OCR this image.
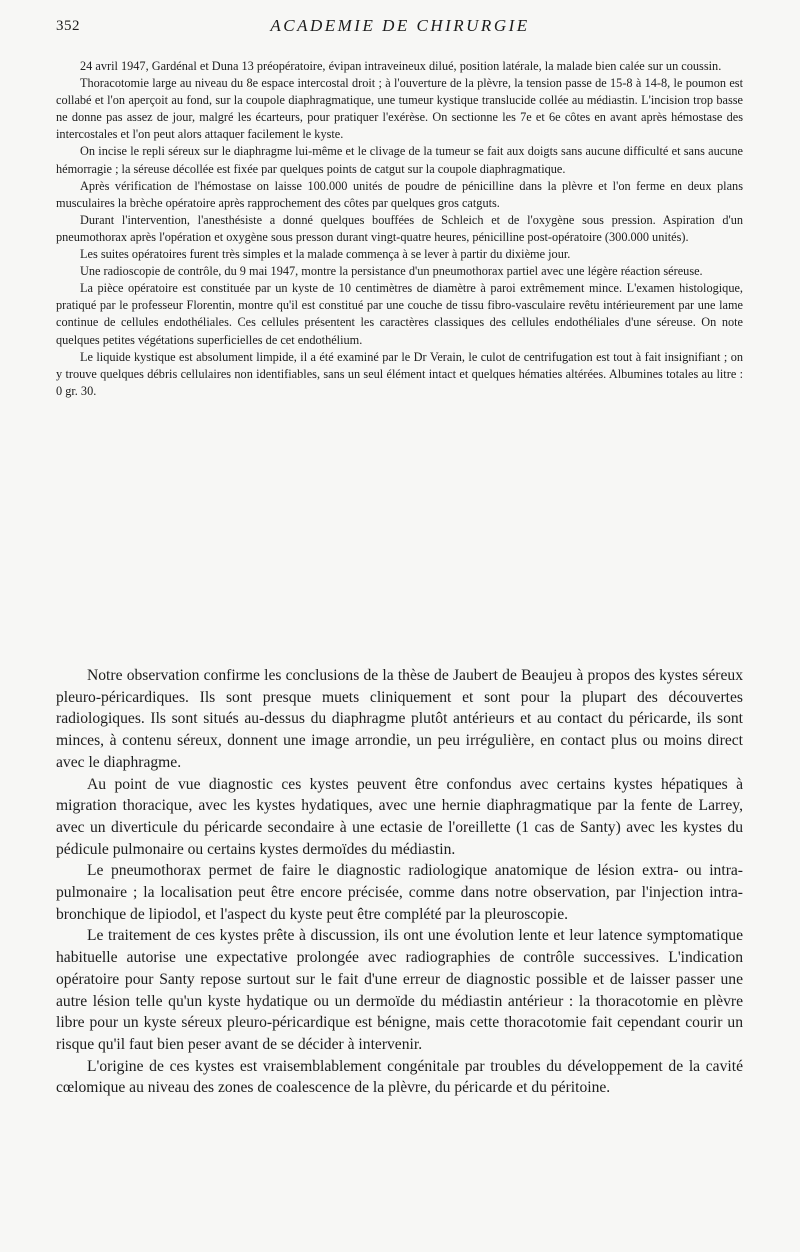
352	ACADEMIE DE CHIRURGIE

24 avril 1947, Gardénal et Duna 13 préopératoire, évipan intraveineux dilué, position latérale, la malade bien calée sur un coussin.

Thoracotomie large au niveau du 8e espace intercostal droit ; à l'ouverture de la plèvre, la tension passe de 15-8 à 14-8, le poumon est collabé et l'on aperçoit au fond, sur la coupole diaphragmatique, une tumeur kystique translucide collée au médiastin. L'incision trop basse ne donne pas assez de jour, malgré les écarteurs, pour pratiquer l'exérèse. On sectionne les 7e et 6e côtes en avant après hémostase des intercostales et l'on peut alors attaquer facilement le kyste.

On incise le repli séreux sur le diaphragme lui-même et le clivage de la tumeur se fait aux doigts sans aucune difficulté et sans aucune hémorragie ; la séreuse décollée est fixée par quelques points de catgut sur la coupole diaphragmatique.

Après vérification de l'hémostase on laisse 100.000 unités de poudre de pénicilline dans la plèvre et l'on ferme en deux plans musculaires la brèche opératoire après rapprochement des côtes par quelques gros catguts.

Durant l'intervention, l'anesthésiste a donné quelques bouffées de Schleich et de l'oxygène sous pression. Aspiration d'un pneumothorax après l'opération et oxygène sous presson durant vingt-quatre heures, pénicilline post-opératoire (300.000 unités).

Les suites opératoires furent très simples et la malade commença à se lever à partir du dixième jour.

Une radioscopie de contrôle, du 9 mai 1947, montre la persistance d'un pneumothorax partiel avec une légère réaction séreuse.

La pièce opératoire est constituée par un kyste de 10 centimètres de diamètre à paroi extrêmement mince. L'examen histologique, pratiqué par le professeur Florentin, montre qu'il est constitué par une couche de tissu fibro-vasculaire revêtu intérieurement par une lame continue de cellules endothéliales. Ces cellules présentent les caractères classiques des cellules endothéliales d'une séreuse. On note quelques petites végétations superficielles de cet endothélium.

Le liquide kystique est absolument limpide, il a été examiné par le Dr Verain, le culot de centrifugation est tout à fait insignifiant ; on y trouve quelques débris cellulaires non identifiables, sans un seul élément intact et quelques hématies altérées. Albumines totales au litre : 0 gr. 30.

Notre observation confirme les conclusions de la thèse de Jaubert de Beaujeu à propos des kystes séreux pleuro-péricardiques. Ils sont presque muets cliniquement et sont pour la plupart des découvertes radiologiques. Ils sont situés au-dessus du diaphragme plutôt antérieurs et au contact du péricarde, ils sont minces, à contenu séreux, donnent une image arrondie, un peu irrégulière, en contact plus ou moins direct avec le diaphragme.

Au point de vue diagnostic ces kystes peuvent être confondus avec certains kystes hépatiques à migration thoracique, avec les kystes hydatiques, avec une hernie diaphragmatique par la fente de Larrey, avec un diverticule du péricarde secondaire à une ectasie de l'oreillette (1 cas de Santy) avec les kystes du pédicule pulmonaire ou certains kystes dermoïdes du médiastin.

Le pneumothorax permet de faire le diagnostic radiologique anatomique de lésion extra- ou intra-pulmonaire ; la localisation peut être encore précisée, comme dans notre observation, par l'injection intra-bronchique de lipiodol, et l'aspect du kyste peut être complété par la pleuroscopie.

Le traitement de ces kystes prête à discussion, ils ont une évolution lente et leur latence symptomatique habituelle autorise une expectative prolongée avec radiographies de contrôle successives. L'indication opératoire pour Santy repose surtout sur le fait d'une erreur de diagnostic possible et de laisser passer une autre lésion telle qu'un kyste hydatique ou un dermoïde du médiastin antérieur : la thoracotomie en plèvre libre pour un kyste séreux pleuro-péricardique est bénigne, mais cette thoracotomie fait cependant courir un risque qu'il faut bien peser avant de se décider à intervenir.

L'origine de ces kystes est vraisemblablement congénitale par troubles du développement de la cavité cœlomique au niveau des zones de coalescence de la plèvre, du péricarde et du péritoine.
